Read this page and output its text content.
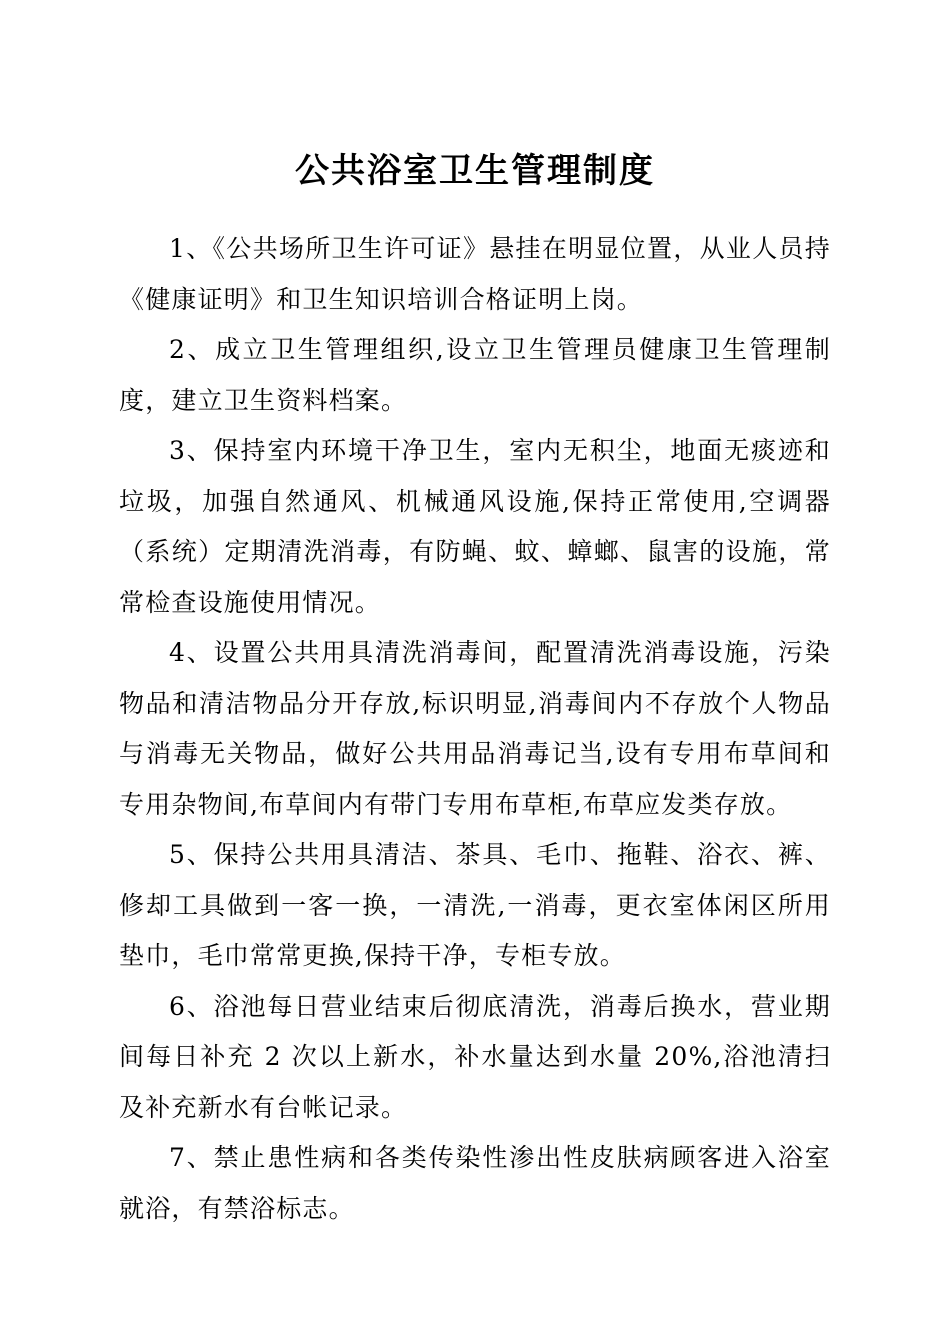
公共浴室卫生管理制度

1、《公共场所卫生许可证》悬挂在明显位置，从业人员持《健康证明》和卫生知识培训合格证明上岗。

2、成立卫生管理组织,设立卫生管理员健康卫生管理制度，建立卫生资料档案。

3、保持室内环境干净卫生，室内无积尘，地面无痰迹和垃圾，加强自然通风、机械通风设施,保持正常使用,空调器（系统）定期清洗消毒，有防蝇、蚊、蟑螂、鼠害的设施，常常检查设施使用情况。

4、设置公共用具清洗消毒间，配置清洗消毒设施，污染物品和清洁物品分开存放,标识明显,消毒间内不存放个人物品与消毒无关物品，做好公共用品消毒记当,设有专用布草间和专用杂物间,布草间内有带门专用布草柜,布草应发类存放。

5、保持公共用具清洁、茶具、毛巾、拖鞋、浴衣、裤、修却工具做到一客一换，一清洗,一消毒，更衣室体闲区所用垫巾，毛巾常常更换,保持干净，专柜专放。

6、浴池每日营业结束后彻底清洗，消毒后换水，营业期间每日补充 2 次以上新水，补水量达到水量 20%,浴池清扫及补充新水有台帐记录。

7、禁止患性病和各类传染性渗出性皮肤病顾客进入浴室就浴，有禁浴标志。
